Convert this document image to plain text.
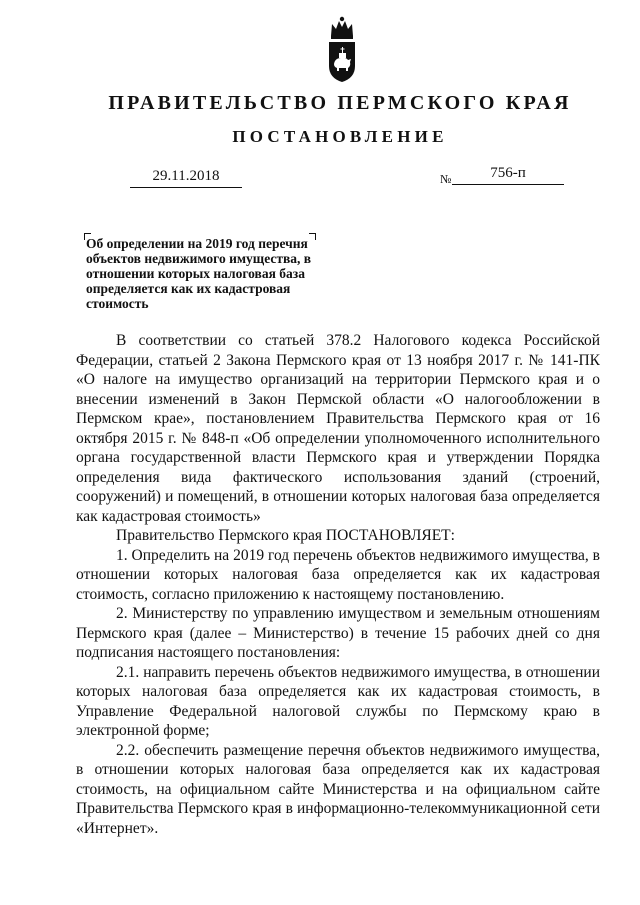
ПРАВИТЕЛЬСТВО ПЕРМСКОГО КРАЯ
ПОСТАНОВЛЕНИЕ
29.11.2018	№	756-п
Об определении на 2019 год перечня объектов недвижимого имущества, в отношении которых налоговая база определяется как их кадастровая стоимость

В соответствии со статьей 378.2 Налогового кодекса Российской Федерации, статьей 2 Закона Пермского края от 13 ноября 2017 г. № 141-ПК «О налоге на имущество организаций на территории Пермского края и о внесении изменений в Закон Пермской области «О налогообложении в Пермском крае», постановлением Правительства Пермского края от 16 октября 2015 г. № 848-п «Об определении уполномоченного исполнительного органа государственной власти Пермского края и утверждении Порядка определения вида фактического использования зданий (строений, сооружений) и помещений, в отношении которых налоговая база определяется как кадастровая стоимость»

Правительство Пермского края ПОСТАНОВЛЯЕТ:

1. Определить на 2019 год перечень объектов недвижимого имущества, в отношении которых налоговая база определяется как их кадастровая стоимость, согласно приложению к настоящему постановлению.

2. Министерству по управлению имуществом и земельным отношениям Пермского края (далее – Министерство) в течение 15 рабочих дней со дня подписания настоящего постановления:

2.1. направить перечень объектов недвижимого имущества, в отношении которых налоговая база определяется как их кадастровая стоимость, в Управление Федеральной налоговой службы по Пермскому краю в электронной форме;

2.2. обеспечить размещение перечня объектов недвижимого имущества, в отношении которых налоговая база определяется как их кадастровая стоимость, на официальном сайте Министерства и на официальном сайте Правительства Пермского края в информационно-телекоммуникационной сети «Интернет».
